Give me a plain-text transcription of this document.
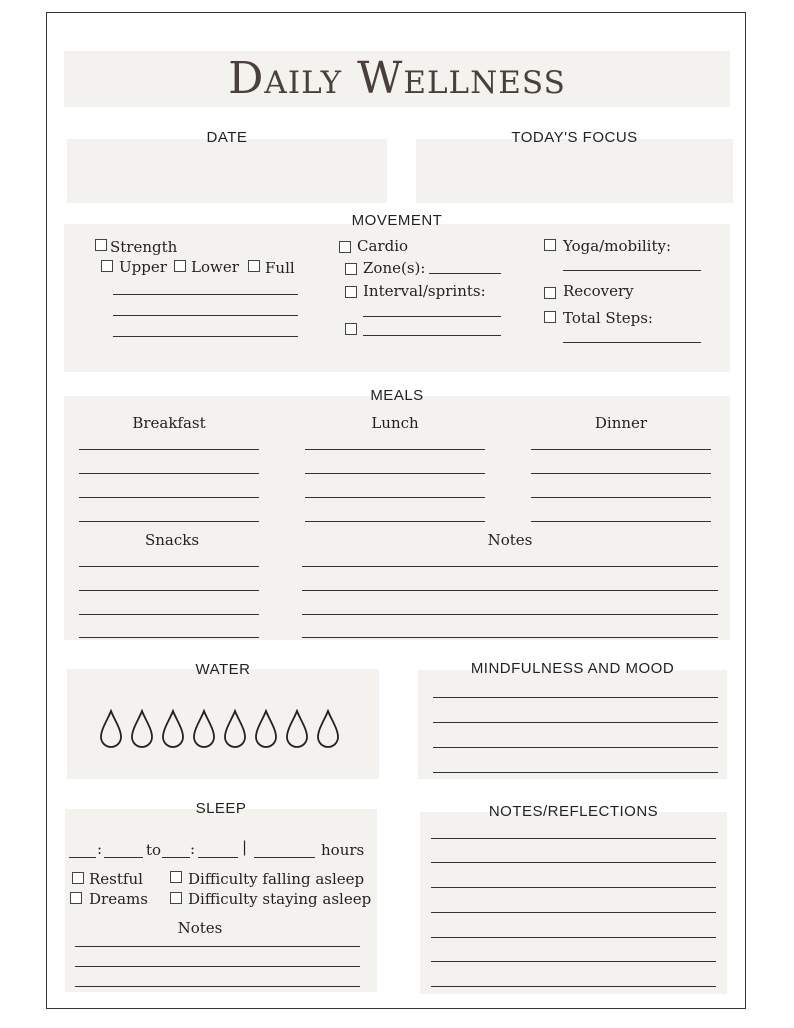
Daily Wellness
DATE	TODAY'S FOCUS
MOVEMENT
Strength
Upper Lower Full
Cardio
Zone(s):
Interval/sprints:
Yoga/mobility:
Recovery
Total Steps:
MEALS
Breakfast	Lunch	Dinner
Snacks	Notes
WATER	MINDFULNESS AND MOOD
SLEEP
:	to :	|	hours
Restful
Dreams
Difficulty falling asleep
Difficulty staying asleep
Notes
NOTES/REFLECTIONS
